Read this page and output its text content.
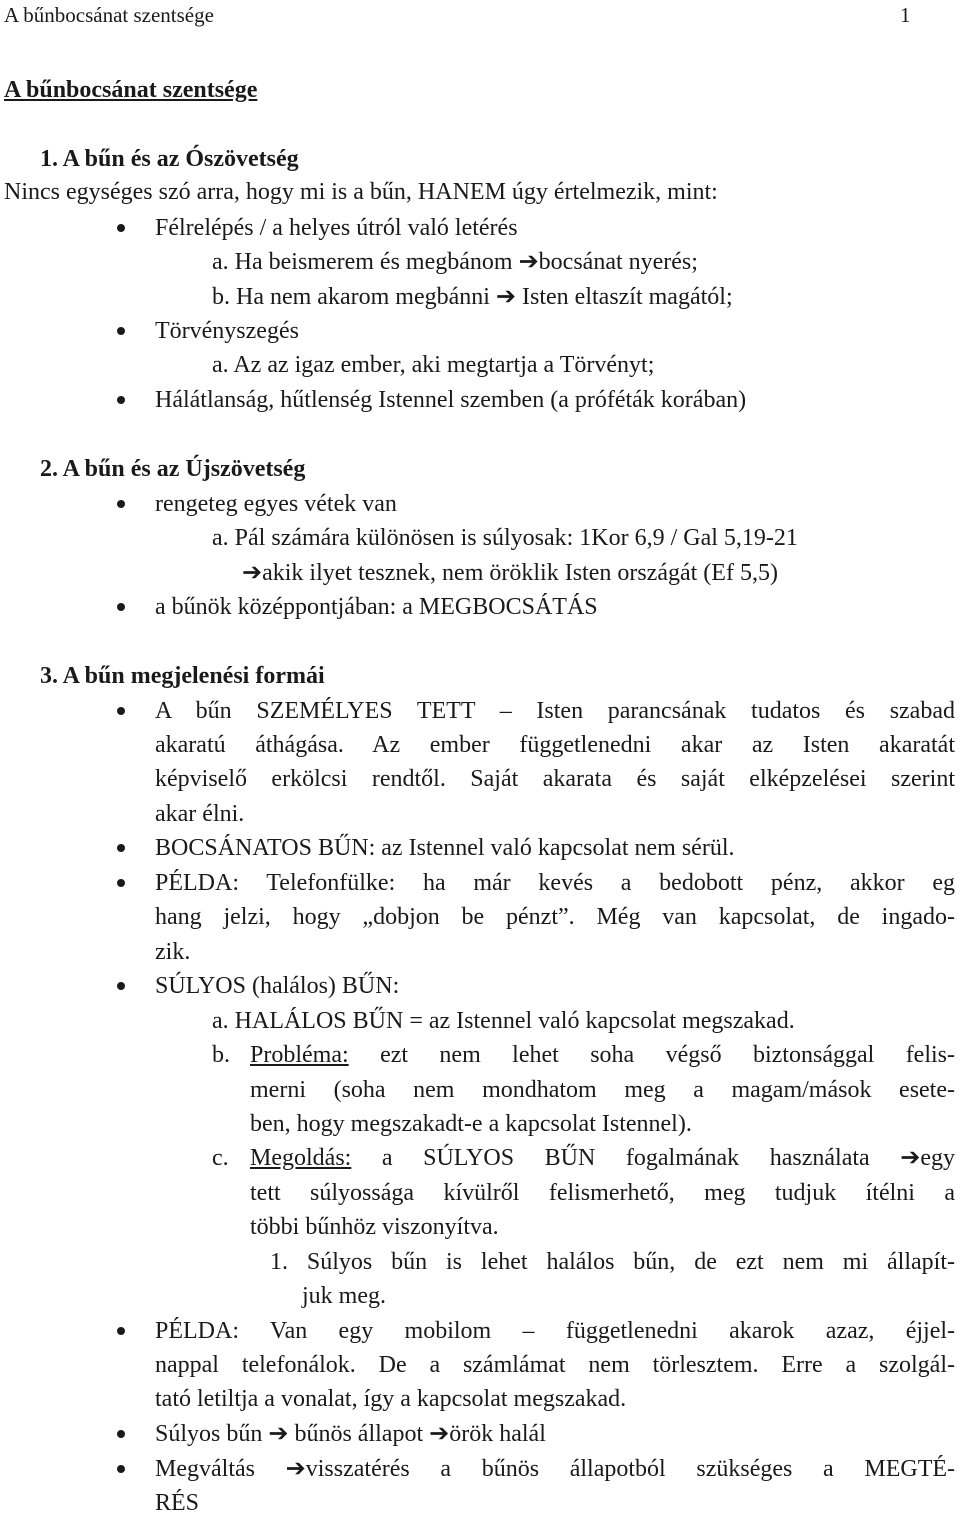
A bűnbocsánat szentsége	1
A bűnbocsánat szentsége
1. A bűn és az Ószövetség
Nincs egységes szó arra, hogy mi is a bűn, HANEM úgy értelmezik, mint:
Félrelépés / a helyes útról való letérés
a. Ha beismerem és megbánom ➔bocsánat nyerés;
b. Ha nem akarom megbánni ➔ Isten eltaszít magától;
Törvényszegés
a. Az az igaz ember, aki megtartja a Törvényt;
Hálátlanság, hűtlenség Istennel szemben (a próféták korában)
2. A bűn és az Újszövetség
rengeteg egyes vétek van
a. Pál számára különösen is súlyosak: 1Kor 6,9 / Gal 5,19-21
➔akik ilyet tesznek, nem öröklik Isten országát (Ef 5,5)
a bűnök középpontjában: a MEGBOCSÁTÁS
3. A bűn megjelenési formái
A bűn SZEMÉLYES TETT – Isten parancsának tudatos és szabad
akaratú áthágása. Az ember függetlenedni akar az Isten akaratát
képviselő erkölcsi rendtől. Saját akarata és saját elképzelései szerint
akar élni.
BOCSÁNATOS BŰN: az Istennel való kapcsolat nem sérül.
PÉLDA: Telefonfülke: ha már kevés a bedobott pénz, akkor eg
hang jelzi, hogy „dobjon be pénzt”. Még van kapcsolat, de ingado-
zik.
SÚLYOS (halálos) BŰN:
a. HALÁLOS BŰN = az Istennel való kapcsolat megszakad.
b. Probléma: ezt nem lehet soha végső biztonsággal felis-
merni (soha nem mondhatom meg a magam/mások esete-
ben, hogy megszakadt-e a kapcsolat Istennel).
c. Megoldás: a SÚLYOS BŰN fogalmának használata ➔egy
tett súlyossága kívülről felismerhető, meg tudjuk ítélni a
többi bűnhöz viszonyítva.
1. Súlyos bűn is lehet halálos bűn, de ezt nem mi állapít-
juk meg.
PÉLDA: Van egy mobilom – függetlenedni akarok azaz, éjjel-
nappal telefonálok. De a számlámat nem törlesztem. Erre a szolgál-
tató letiltja a vonalat, így a kapcsolat megszakad.
Súlyos bűn ➔ bűnös állapot ➔örök halál
Megváltás ➔visszatérés a bűnös állapotból szükséges a MEGTÉ-
RÉS
